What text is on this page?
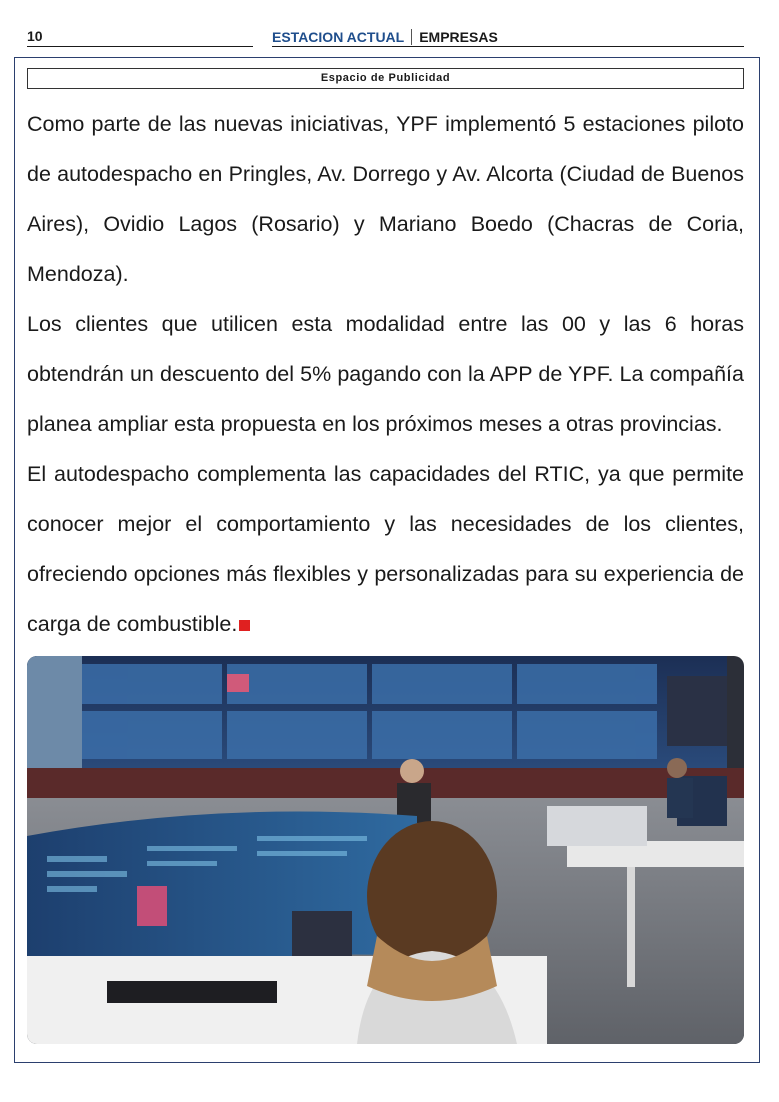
10	ESTACION ACTUAL EMPRESAS
Espacio de Publicidad

Como parte de las nuevas iniciativas, YPF implementó 5 estaciones piloto de autodespacho en Pringles, Av. Dorrego y Av. Alcorta (Ciudad de Buenos Aires), Ovidio Lagos (Rosario) y Mariano Boedo (Chacras de Coria, Mendoza).

Los clientes que utilicen esta modalidad entre las 00 y las 6 horas obtendrán un descuento del 5% pagando con la APP de YPF. La compañía planea ampliar esta propuesta en los próximos meses a otras provincias.

El autodespacho complementa las capacidades del RTIC, ya que permite conocer mejor el comportamiento y las necesidades de los clientes, ofreciendo opciones más flexibles y personalizadas para su experiencia de carga de combustible.
